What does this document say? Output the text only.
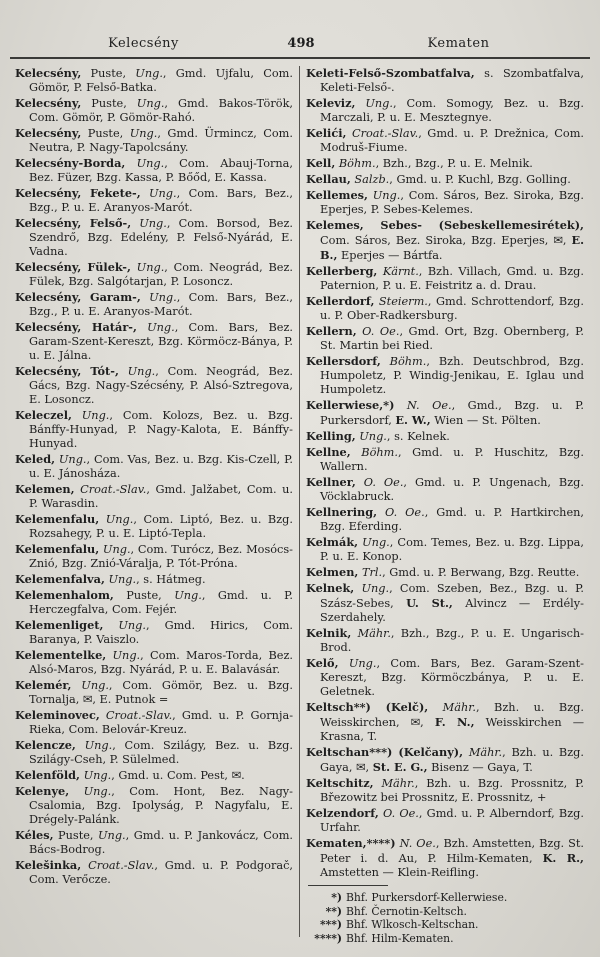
Kelecsény	498	Kematen
Kelecsény, Puste, Ung., Gmd. Ujfalu, Com. Gömör, P. Felső-Batka.
Kelecsény, Puste, Ung., Gmd. Bakos-Török, Com. Gömör, P. Gömör-Rahó.
Kelecsény, Puste, Ung., Gmd. Ürmincz, Com. Neutra, P. Nagy-Tapolcsány.
Kelecsény-Borda, Ung., Com. Abauj-Torna, Bez. Füzer, Bzg. Kassa, P. Bőőd, E. Kassa.
Kelecsény, Fekete-, Ung., Com. Bars, Bez., Bzg., P. u. E. Aranyos-Marót.
Kelecsény, Felső-, Ung., Com. Borsod, Bez. Szendrő, Bzg. Edelény, P. Felső-Nyárád, E. Vadna.
Kelecsény, Fülek-, Ung., Com. Neográd, Bez. Fülek, Bzg. Salgótarjan, P. Losoncz.
Kelecsény, Garam-, Ung., Com. Bars, Bez., Bzg., P. u. E. Aranyos-Marót.
Kelecsény, Határ-, Ung., Com. Bars, Bez. Garam-Szent-Kereszt, Bzg. Körmöcz-Bánya, P. u. E. Jálna.
Kelecsény, Tót-, Ung., Com. Neográd, Bez. Gács, Bzg. Nagy-Szécsény, P. Alsó-Sztregova, E. Losoncz.
Keleczel, Ung., Com. Kolozs, Bez. u. Bzg. Bánffy-Hunyad, P. Nagy-Kalota, E. Bánffy-Hunyad.
Keled, Ung., Com. Vas, Bez. u. Bzg. Kis-Czell, P. u. E. Jánosháza.
Kelemen, Croat.-Slav., Gmd. Jalžabet, Com. u. P. Warasdin.
Kelemenfalu, Ung., Com. Liptó, Bez. u. Bzg. Rozsahegy, P. u. E. Liptó-Tepla.
Kelemenfalu, Ung., Com. Turócz, Bez. Mosócs-Znió, Bzg. Znió-Váralja, P. Tót-Próna.
Kelemenfalva, Ung., s. Hátmeg.
Kelemenhalom, Puste, Ung., Gmd. u. P. Herczegfalva, Com. Fejér.
Kelemenliget, Ung., Gmd. Hirics, Com. Baranya, P. Vaiszlo.
Kelementelke, Ung., Com. Maros-Torda, Bez. Alsó-Maros, Bzg. Nyárád, P. u. E. Balavásár.
Kelemér, Ung., Com. Gömör, Bez. u. Bzg. Tornalja, ✉, E. Putnok =
Keleminovec, Croat.-Slav., Gmd. u. P. Gornja-Rieka, Com. Belovár-Kreuz.
Kelencze, Ung., Com. Szilágy, Bez. u. Bzg. Szilágy-Cseh, P. Sülelmed.
Kelenföld, Ung., Gmd. u. Com. Pest, ✉.
Kelenye, Ung., Com. Hont, Bez. Nagy-Csalomia, Bzg. Ipolyság, P. Nagyfalu, E. Drégely-Palánk.
Kéles, Puste, Ung., Gmd. u. P. Jankovácz, Com. Bács-Bodrog.
Kelešinka, Croat.-Slav., Gmd. u. P. Podgorač, Com. Verőcze.
Keleti-Felső-Szombatfalva, s. Szombatfalva, Keleti-Felső-.
Keleviz, Ung., Com. Somogy, Bez. u. Bzg. Marczali, P. u. E. Mesztegnye.
Kelići, Croat.-Slav., Gmd. u. P. Drežnica, Com. Modruš-Fiume.
Kell, Böhm., Bzh., Bzg., P. u. E. Melnik.
Kellau, Salzb., Gmd. u. P. Kuchl, Bzg. Golling.
Kellemes, Ung., Com. Sáros, Bez. Siroka, Bzg. Eperjes, P. Sebes-Kelemes.
Kelemes, Sebes- (Sebeskellemesirétek), Com. Sáros, Bez. Siroka, Bzg. Eperjes, ✉, E. B., Eperjes — Bártfa.
Kellerberg, Kärnt., Bzh. Villach, Gmd. u. Bzg. Paternion, P. u. E. Feistritz a. d. Drau.
Kellerdorf, Steierm., Gmd. Schrottendorf, Bzg. u. P. Ober-Radkersburg.
Kellern, O. Oe., Gmd. Ort, Bzg. Obernberg, P. St. Martin bei Ried.
Kellersdorf, Böhm., Bzh. Deutschbrod, Bzg. Humpoletz, P. Windig-Jenikau, E. Iglau und Humpoletz.
Kellerwiese,*) N. Oe., Gmd., Bzg. u. P. Purkersdorf, E. W., Wien — St. Pölten.
Kelling, Ung., s. Kelnek.
Kellne, Böhm., Gmd. u. P. Huschitz, Bzg. Wallern.
Kellner, O. Oe., Gmd. u. P. Ungenach, Bzg. Vöcklabruck.
Kellnering, O. Oe., Gmd. u. P. Hartkirchen, Bzg. Eferding.
Kelmák, Ung., Com. Temes, Bez. u. Bzg. Lippa, P. u. E. Konop.
Kelmen, Trl., Gmd. u. P. Berwang, Bzg. Reutte.
Kelnek, Ung., Com. Szeben, Bez., Bzg. u. P. Szász-Sebes, U. St., Alvincz — Erdély-Szerdahely.
Kelnik, Mähr., Bzh., Bzg., P. u. E. Ungarisch-Brod.
Kelő, Ung., Com. Bars, Bez. Garam-Szent-Kereszt, Bzg. Körmöczbánya, P. u. E. Geletnek.
Keltsch**) (Kelč), Mähr., Bzh. u. Bzg. Weisskirchen, ✉, F. N., Weisskirchen — Krasna, T.
Keltschan***) (Kelčany), Mähr., Bzh. u. Bzg. Gaya, ✉, St. E. G., Bisenz — Gaya, T.
Keltschitz, Mähr., Bzh. u. Bzg. Prossnitz, P. Březowitz bei Prossnitz, E. Prossnitz, +
Kelzendorf, O. Oe., Gmd. u. P. Alberndorf, Bzg. Urfahr.
Kematen,****) N. Oe., Bzh. Amstetten, Bzg. St. Peter i. d. Au, P. Hilm-Kematen, K. R., Amstetten — Klein-Reifling.
*) Bhf. Purkersdorf-Kellerwiese.
**) Bhf. Černotin-Keltsch.
***) Bhf. Wlkosch-Keltschan.
****) Bhf. Hilm-Kematen.
